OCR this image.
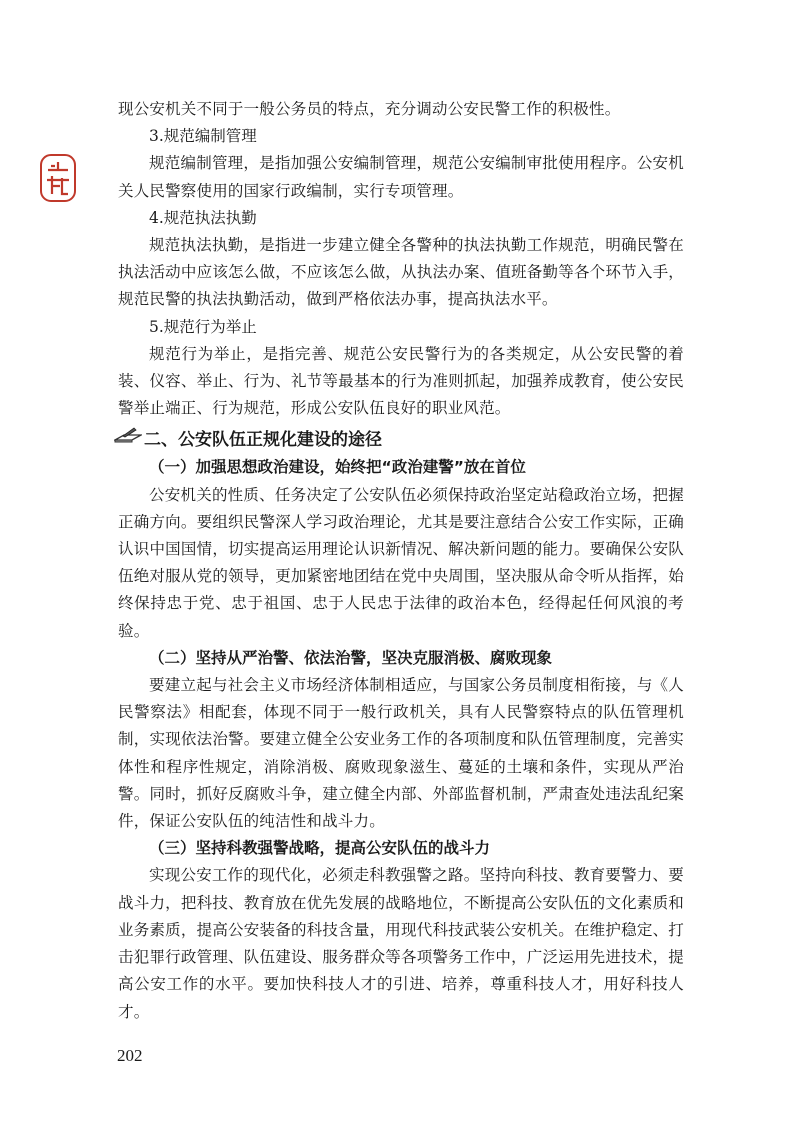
现公安机关不同于一般公务员的特点，充分调动公安民警工作的积极性。

3.规范编制管理

规范编制管理，是指加强公安编制管理，规范公安编制审批使用程序。公安机关人民警察使用的国家行政编制，实行专项管理。

4.规范执法执勤

规范执法执勤，是指进一步建立健全各警种的执法执勤工作规范，明确民警在执法活动中应该怎么做，不应该怎么做，从执法办案、值班备勤等各个环节入手，规范民警的执法执勤活动，做到严格依法办事，提高执法水平。

5.规范行为举止

规范行为举止，是指完善、规范公安民警行为的各类规定，从公安民警的着装、仪容、举止、行为、礼节等最基本的行为准则抓起，加强养成教育，使公安民警举止端正、行为规范，形成公安队伍良好的职业风范。

二、公安队伍正规化建设的途径

（一）加强思想政治建设，始终把“政治建警”放在首位

公安机关的性质、任务决定了公安队伍必须保持政治坚定站稳政治立场，把握正确方向。要组织民警深人学习政治理论，尤其是要注意结合公安工作实际，正确认识中国国情，切实提高运用理论认识新情况、解决新问题的能力。要确保公安队伍绝对服从党的领导，更加紧密地团结在党中央周围，坚决服从命令听从指挥，始终保持忠于党、忠于祖国、忠于人民忠于法律的政治本色，经得起任何风浪的考验。

（二）坚持从严治警、依法治警，坚决克服消极、腐败现象

要建立起与社会主义市场经济体制相适应，与国家公务员制度相衔接，与《人民警察法》相配套，体现不同于一般行政机关，具有人民警察特点的队伍管理机制，实现依法治警。要建立健全公安业务工作的各项制度和队伍管理制度，完善实体性和程序性规定，消除消极、腐败现象滋生、蔓延的土壤和条件，实现从严治警。同时，抓好反腐败斗争，建立健全内部、外部监督机制，严肃查处违法乱纪案件，保证公安队伍的纯洁性和战斗力。

（三）坚持科教强警战略，提高公安队伍的战斗力

实现公安工作的现代化，必须走科教强警之路。坚持向科技、教育要警力、要战斗力，把科技、教育放在优先发展的战略地位，不断提高公安队伍的文化素质和业务素质，提高公安装备的科技含量，用现代科技武装公安机关。在维护稳定、打击犯罪行政管理、队伍建设、服务群众等各项警务工作中，广泛运用先进技术，提高公安工作的水平。要加快科技人才的引进、培养，尊重科技人才，用好科技人才。

202
